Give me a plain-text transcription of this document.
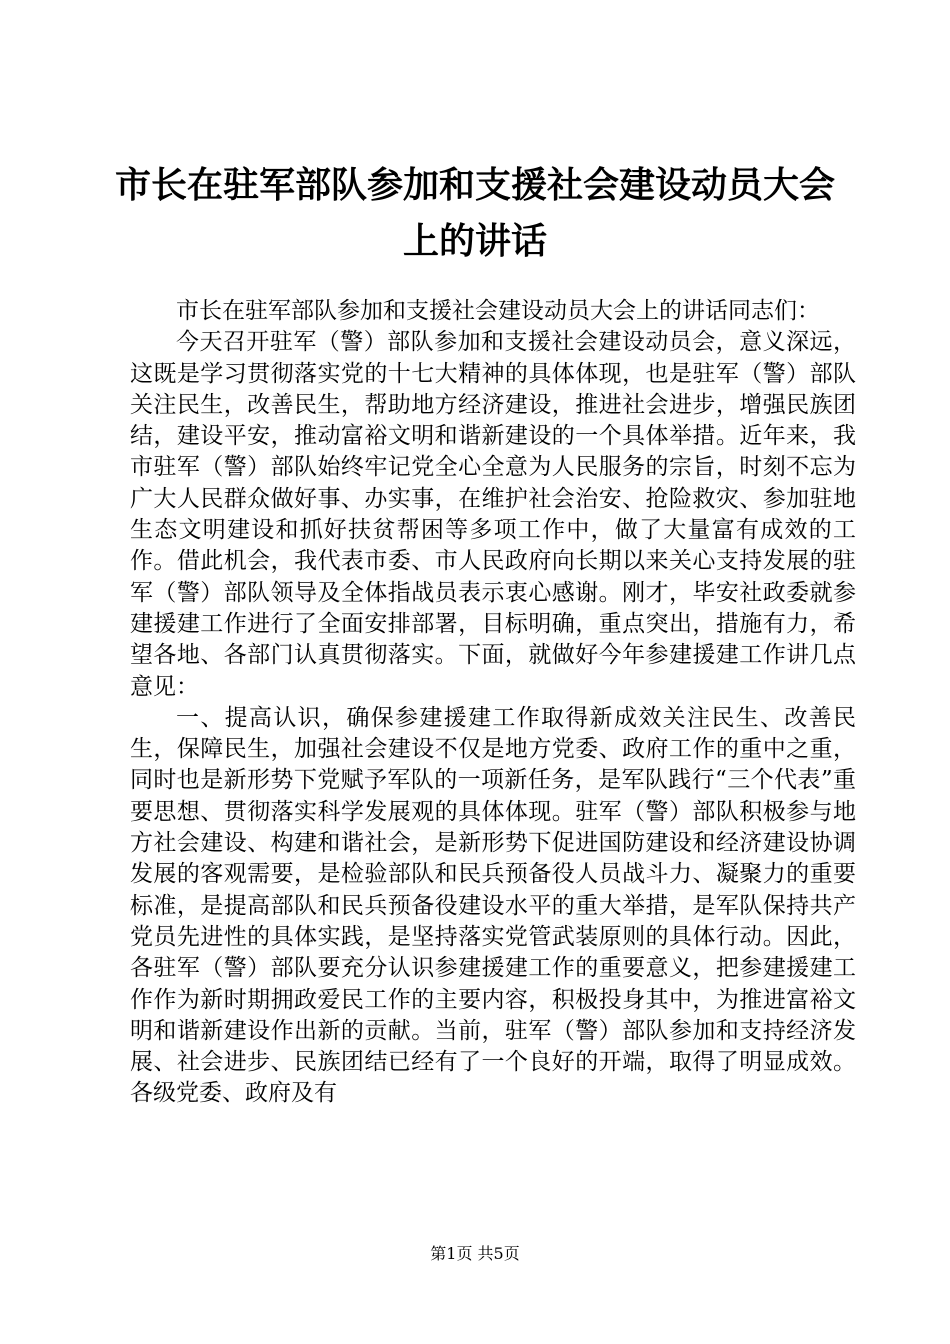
市长在驻军部队参加和支援社会建设动员大会
上的讲话

市长在驻军部队参加和支援社会建设动员大会上的讲话同志们：

今天召开驻军（警）部队参加和支援社会建设动员会，意义深远，这既是学习贯彻落实党的十七大精神的具体体现，也是驻军（警）部队关注民生，改善民生，帮助地方经济建设，推进社会进步，增强民族团结，建设平安，推动富裕文明和谐新建设的一个具体举措。近年来，我市驻军（警）部队始终牢记党全心全意为人民服务的宗旨，时刻不忘为广大人民群众做好事、办实事，在维护社会治安、抢险救灾、参加驻地生态文明建设和抓好扶贫帮困等多项工作中，做了大量富有成效的工作。借此机会，我代表市委、市人民政府向长期以来关心支持发展的驻军（警）部队领导及全体指战员表示衷心感谢。刚才，毕安社政委就参建援建工作进行了全面安排部署，目标明确，重点突出，措施有力，希望各地、各部门认真贯彻落实。下面，就做好今年参建援建工作讲几点意见：

一、提高认识，确保参建援建工作取得新成效关注民生、改善民生，保障民生，加强社会建设不仅是地方党委、政府工作的重中之重，同时也是新形势下党赋予军队的一项新任务，是军队践行“三个代表”重要思想、贯彻落实科学发展观的具体体现。驻军（警）部队积极参与地方社会建设、构建和谐社会，是新形势下促进国防建设和经济建设协调发展的客观需要，是检验部队和民兵预备役人员战斗力、凝聚力的重要标准，是提高部队和民兵预备役建设水平的重大举措，是军队保持共产党员先进性的具体实践，是坚持落实党管武装原则的具体行动。因此，各驻军（警）部队要充分认识参建援建工作的重要意义，把参建援建工作作为新时期拥政爱民工作的主要内容，积极投身其中，为推进富裕文明和谐新建设作出新的贡献。当前，驻军（警）部队参加和支持经济发展、社会进步、民族团结已经有了一个良好的开端，取得了明显成效。各级党委、政府及有

第1页 共5页
